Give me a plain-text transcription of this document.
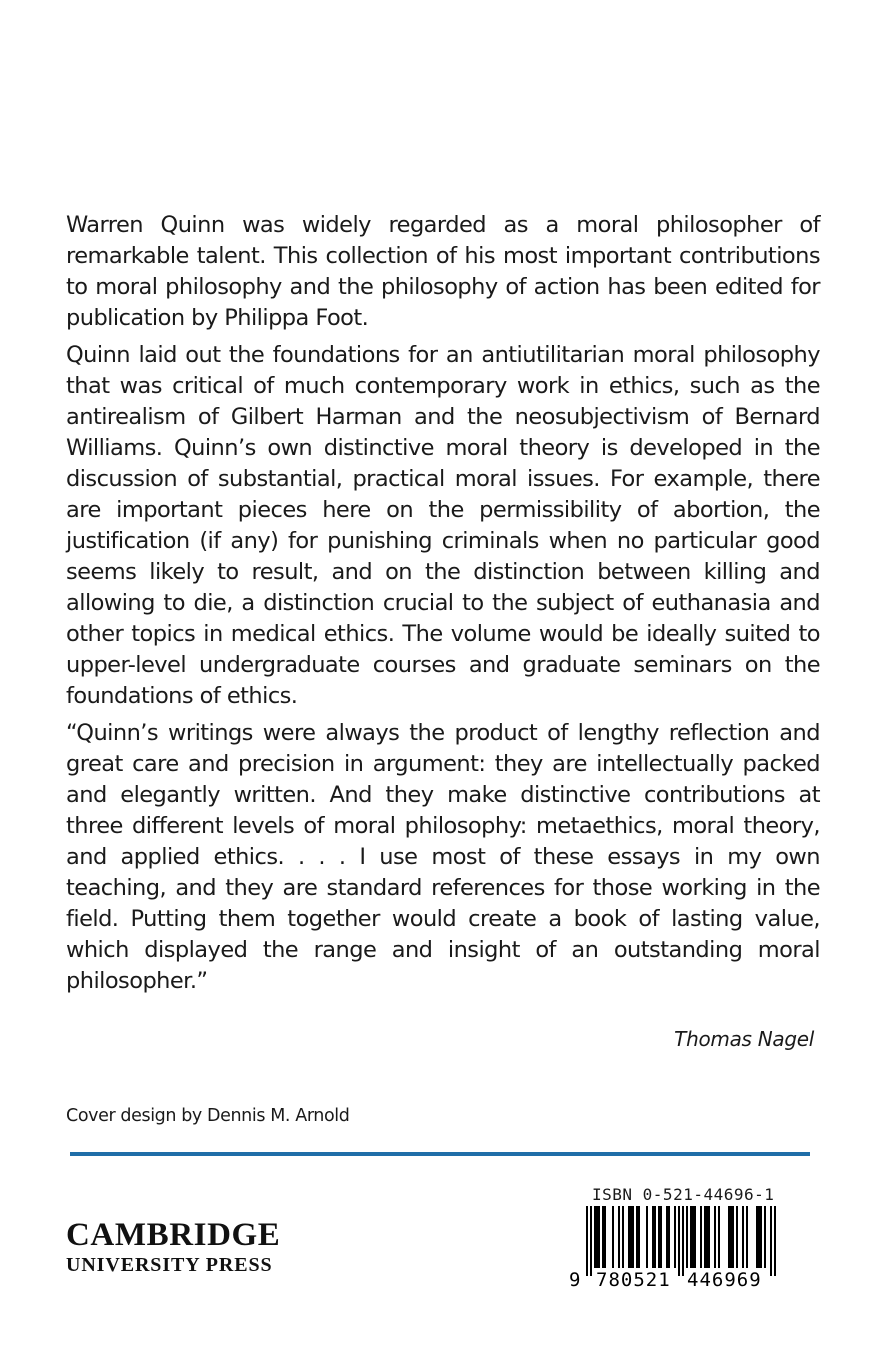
Warren Quinn was widely regarded as a moral philosopher of remarkable talent. This collection of his most important contributions to moral philosophy and the philosophy of action has been edited for publication by Philippa Foot.

Quinn laid out the foundations for an antiutilitarian moral philosophy that was critical of much contemporary work in ethics, such as the antirealism of Gilbert Harman and the neosubjectivism of Bernard Williams. Quinn’s own distinctive moral theory is developed in the discussion of substantial, practical moral issues. For example, there are important pieces here on the permissibility of abortion, the justification (if any) for punishing criminals when no particular good seems likely to result, and on the distinction between killing and allowing to die, a distinction crucial to the subject of euthanasia and other topics in medical ethics. The volume would be ideally suited to upper-level undergraduate courses and graduate seminars on the foundations of ethics.

“Quinn’s writings were always the product of lengthy reflection and great care and precision in argument: they are intellectually packed and elegantly written. And they make distinctive contributions at three different levels of moral philosophy: metaethics, moral theory, and applied ethics. . . . I use most of these essays in my own teaching, and they are standard references for those working in the field. Putting them together would create a book of lasting value, which displayed the range and insight of an outstanding moral philosopher.”

Thomas Nagel
Cover design by Dennis M. Arnold
CAMBRIDGE
UNIVERSITY PRESS
ISBN 0-521-44696-1
9 780521 446969
